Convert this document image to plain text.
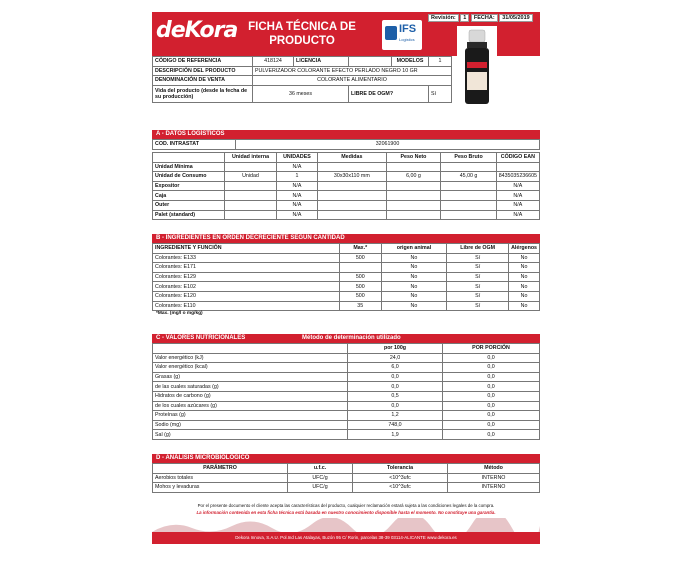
deKora FICHA TÉCNICA DE
PRODUCTO
IFS
Logistics
Revisión: 1 FECHA: 31/05/2019
CÓDIGO DE REFERENCIA	418124	LICENCIA		MODELOS	1
DESCRIPCIÓN DEL PRODUCTO	PULVERIZADOR COLORANTE EFECTO PERLADO NEGRO 10 GR				
DENOMINACIÓN DE VENTA	COLORANTE ALIMENTARIO				
Vida del producto (desde la fecha de su producción)	36 meses		LIBRE DE OGM?		Sí
A - DATOS LOGÍSTICOS
COD. INTRASTAT	32061900
	Unidad interna	UNIDADES	Medidas	Peso Neto	Peso Bruto	CÓDIGO EAN
Unidad Mínima		N/A				
Unidad de Consumo	Unidad	1	30x30x110 mm	6,00 g	45,00 g	8435035236605
Expositor		N/A				N/A
Caja		N/A				N/A
Outer		N/A				N/A
Palet (standard)		N/A				N/A
B - INGREDIENTES EN ORDEN DECRECIENTE SEGÚN CANTIDAD
INGREDIENTE Y FUNCIÓN	Max.*	origen animal	Libre de OGM	Alérgenos
Colorantes: E133	500	No	Sí	No
Colorantes: E171		No	Sí	No
Colorantes: E129	500	No	Sí	No
Colorantes: E102	500	No	Sí	No
Colorantes: E120	500	No	Sí	No
Colorantes: E110	35	No	Sí	No
*Max. (mg/l o mg/kg)
C - VALORES NUTRICIONALES	Método de determinación utilizado
	por 100g	POR PORCIÓN
Valor energético (kJ)	24,0	0,0
Valor energético (kcal)	6,0	0,0
Grasas (g)	0,0	0,0
de las cuales saturadas (g)	0,0	0,0
Hidratos de carbono (g)	0,5	0,0
de los cuales azúcares (g)	0,0	0,0
Proteínas (g)	1,2	0,0
Sodio (mg)	748,0	0,0
Sal (g)	1,9	0,0
D - ANÁLISIS MICROBIOLÓGICO
PARÁMETRO	u.f.c.	Tolerancia	Método
Aerobios totales	UFC/g	<10^3ufc	INTERNO
Mohos y levaduras	UFC/g	<10^3ufc	INTERNO
Por el presente documento el cliente acepta las características del producto, cualquier reclamación estará sujeta a las condiciones legales de la compra.
La información contenida en esta ficha técnica está basada en nuestro conocimiento disponible hasta el momento. No constituye una garantía.
Dekora Innova, S.A.U. Pol.Ind Las Atalayas, Buzón 95 C/ Rorin, parcelas 38-39 03114-ALICANTE www.dekora.es
